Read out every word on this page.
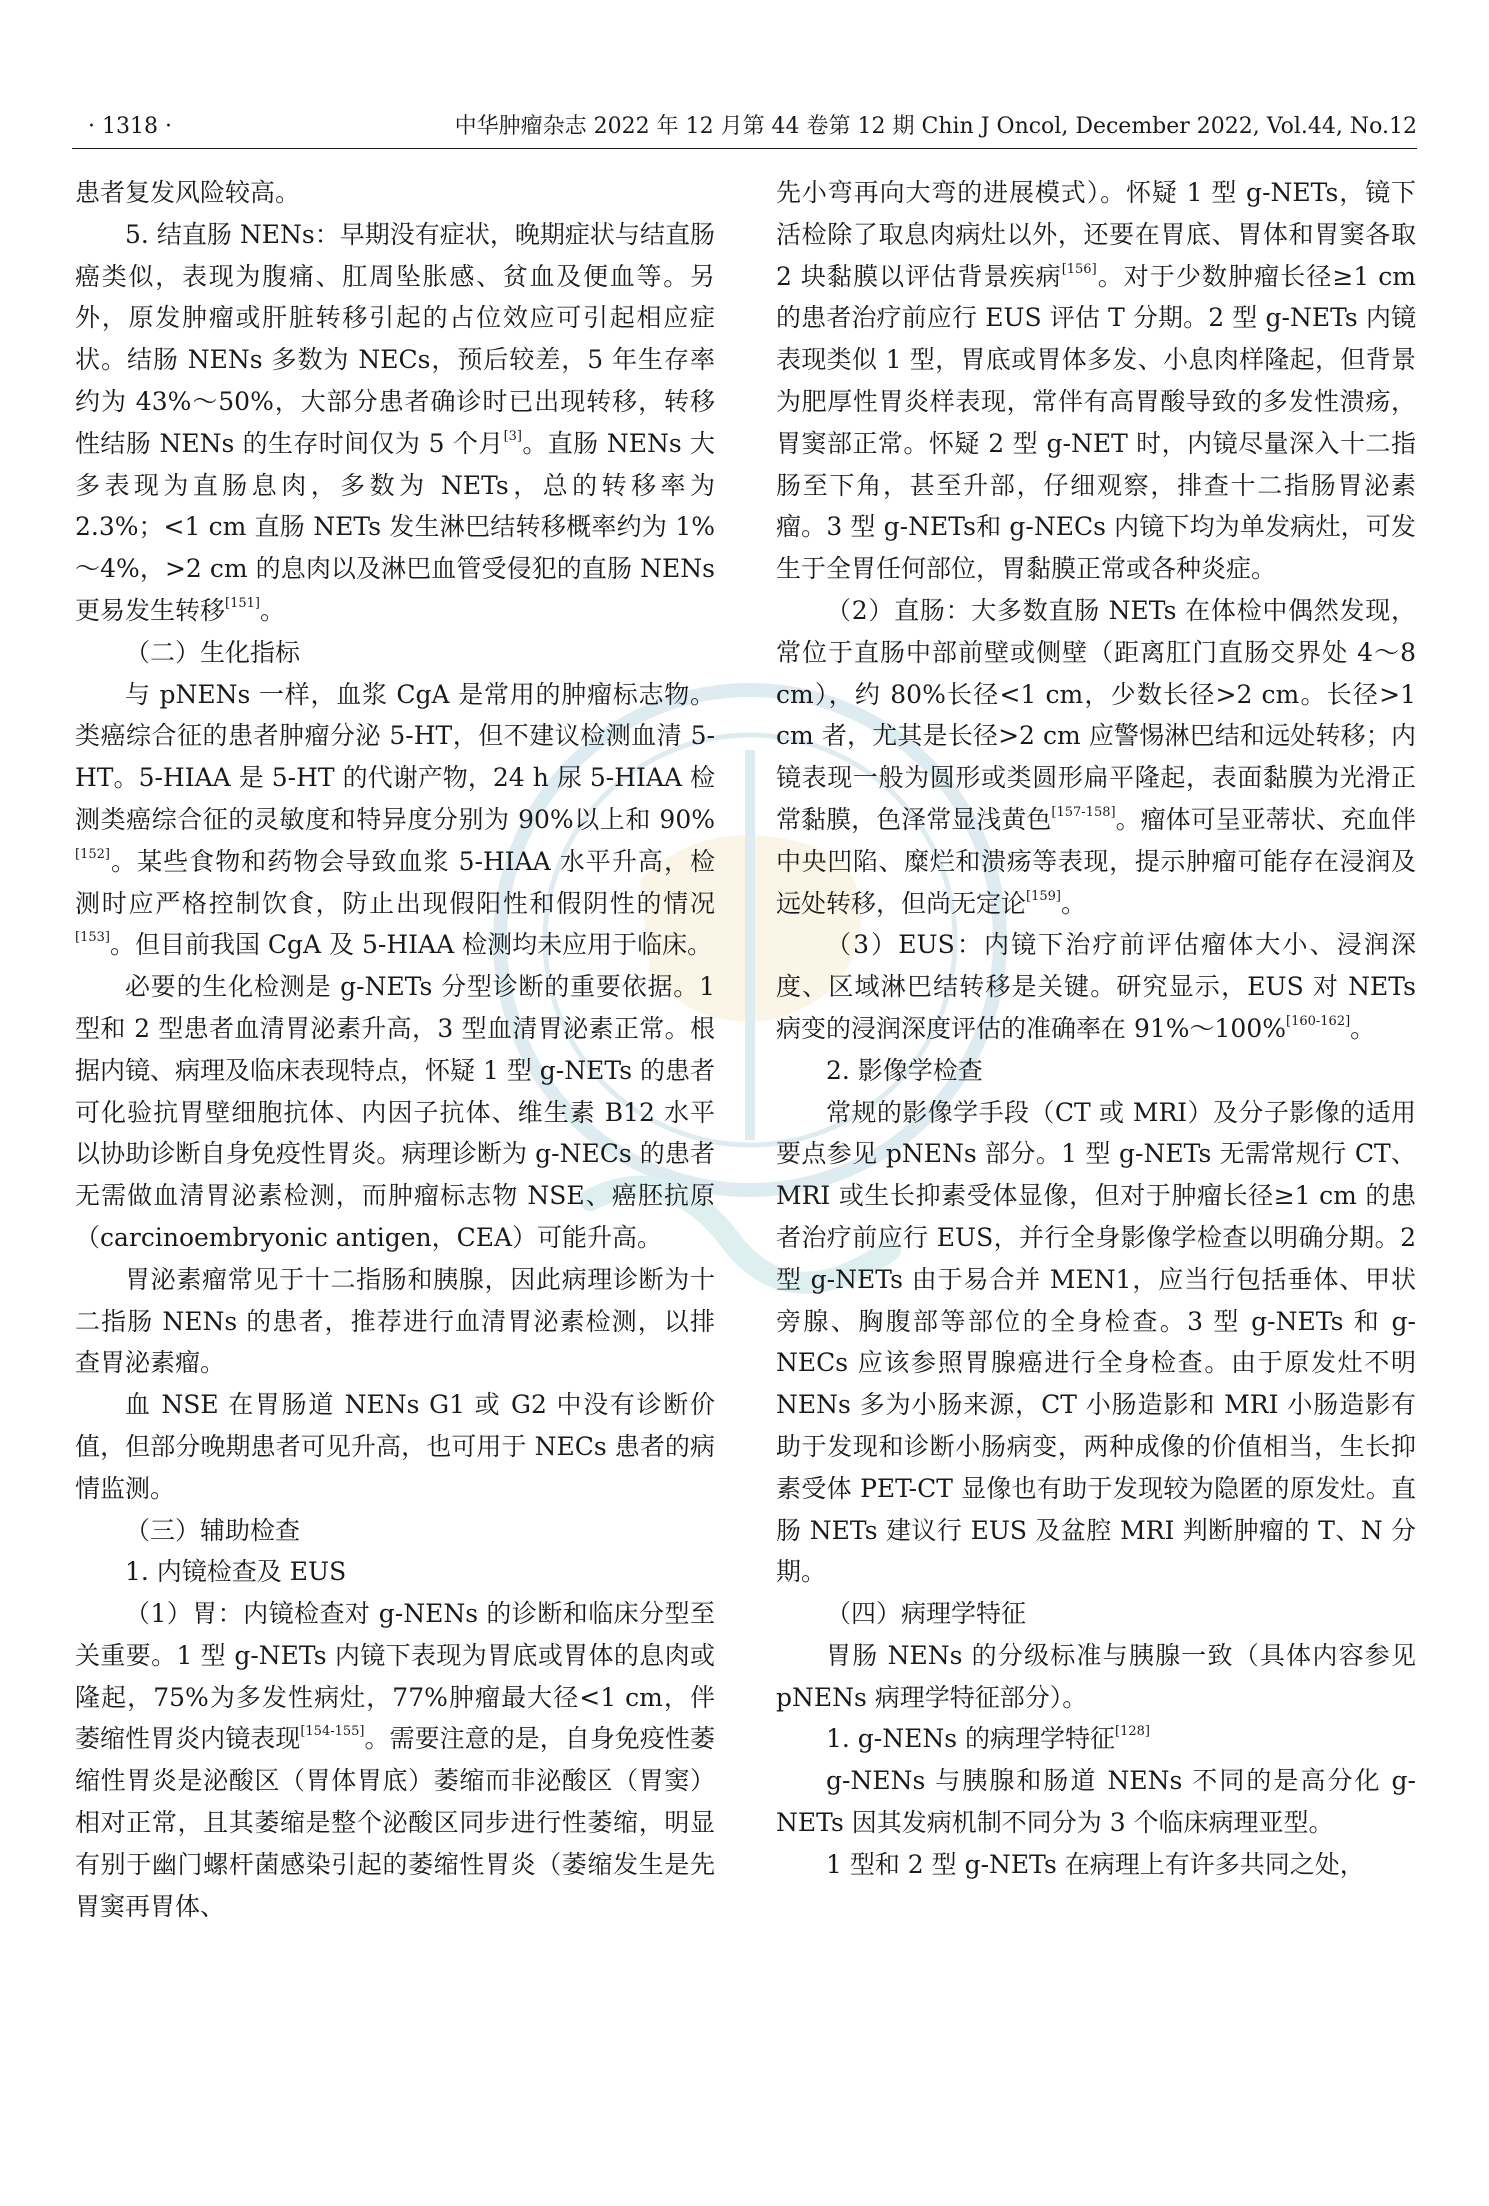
· 1318 ·	中华肿瘤杂志 2022 年 12 月第 44 卷第 12 期 Chin J Oncol, December 2022, Vol.44, No.12

患者复发风险较高。

5. 结直肠 NENs：早期没有症状，晚期症状与结直肠癌类似，表现为腹痛、肛周坠胀感、贫血及便血等。另外，原发肿瘤或肝脏转移引起的占位效应可引起相应症状。结肠 NENs 多数为 NECs，预后较差，5 年生存率约为 43%～50%，大部分患者确诊时已出现转移，转移性结肠 NENs 的生存时间仅为 5 个月[3]。直肠 NENs 大多表现为直肠息肉，多数为 NETs，总的转移率为 2.3%；<1 cm 直肠 NETs 发生淋巴结转移概率约为 1%～4%，>2 cm 的息肉以及淋巴血管受侵犯的直肠 NENs 更易发生转移[151]。

（二）生化指标

与 pNENs 一样，血浆 CgA 是常用的肿瘤标志物。类癌综合征的患者肿瘤分泌 5-HT，但不建议检测血清 5-HT。5-HIAA 是 5-HT 的代谢产物，24 h 尿 5-HIAA 检测类癌综合征的灵敏度和特异度分别为 90%以上和 90%[152]。某些食物和药物会导致血浆 5-HIAA 水平升高，检测时应严格控制饮食，防止出现假阳性和假阴性的情况[153]。但目前我国 CgA 及 5-HIAA 检测均未应用于临床。

必要的生化检测是 g-NETs 分型诊断的重要依据。1 型和 2 型患者血清胃泌素升高，3 型血清胃泌素正常。根据内镜、病理及临床表现特点，怀疑 1 型 g-NETs 的患者可化验抗胃壁细胞抗体、内因子抗体、维生素 B12 水平以协助诊断自身免疫性胃炎。病理诊断为 g-NECs 的患者无需做血清胃泌素检测，而肿瘤标志物 NSE、癌胚抗原（carcinoembryonic antigen，CEA）可能升高。

胃泌素瘤常见于十二指肠和胰腺，因此病理诊断为十二指肠 NENs 的患者，推荐进行血清胃泌素检测，以排查胃泌素瘤。

血 NSE 在胃肠道 NENs G1 或 G2 中没有诊断价值，但部分晚期患者可见升高，也可用于 NECs 患者的病情监测。

（三）辅助检查

1. 内镜检查及 EUS

（1）胃：内镜检查对 g-NENs 的诊断和临床分型至关重要。1 型 g-NETs 内镜下表现为胃底或胃体的息肉或隆起，75%为多发性病灶，77%肿瘤最大径<1 cm，伴萎缩性胃炎内镜表现[154-155]。需要注意的是，自身免疫性萎缩性胃炎是泌酸区（胃体胃底）萎缩而非泌酸区（胃窦）相对正常，且其萎缩是整个泌酸区同步进行性萎缩，明显有别于幽门螺杆菌感染引起的萎缩性胃炎（萎缩发生是先胃窦再胃体、

先小弯再向大弯的进展模式）。怀疑 1 型 g-NETs，镜下活检除了取息肉病灶以外，还要在胃底、胃体和胃窦各取 2 块黏膜以评估背景疾病[156]。对于少数肿瘤长径≥1 cm 的患者治疗前应行 EUS 评估 T 分期。2 型 g-NETs 内镜表现类似 1 型，胃底或胃体多发、小息肉样隆起，但背景为肥厚性胃炎样表现，常伴有高胃酸导致的多发性溃疡，胃窦部正常。怀疑 2 型 g-NET 时，内镜尽量深入十二指肠至下角，甚至升部，仔细观察，排查十二指肠胃泌素瘤。3 型 g-NETs和 g-NECs 内镜下均为单发病灶，可发生于全胃任何部位，胃黏膜正常或各种炎症。

（2）直肠：大多数直肠 NETs 在体检中偶然发现，常位于直肠中部前壁或侧壁（距离肛门直肠交界处 4～8 cm），约 80%长径<1 cm，少数长径>2 cm。长径>1 cm 者，尤其是长径>2 cm 应警惕淋巴结和远处转移；内镜表现一般为圆形或类圆形扁平隆起，表面黏膜为光滑正常黏膜，色泽常显浅黄色[157-158]。瘤体可呈亚蒂状、充血伴中央凹陷、糜烂和溃疡等表现，提示肿瘤可能存在浸润及远处转移，但尚无定论[159]。

（3）EUS：内镜下治疗前评估瘤体大小、浸润深度、区域淋巴结转移是关键。研究显示，EUS 对 NETs 病变的浸润深度评估的准确率在 91%～100%[160-162]。

2. 影像学检查

常规的影像学手段（CT 或 MRI）及分子影像的适用要点参见 pNENs 部分。1 型 g-NETs 无需常规行 CT、MRI 或生长抑素受体显像，但对于肿瘤长径≥1 cm 的患者治疗前应行 EUS，并行全身影像学检查以明确分期。2 型 g-NETs 由于易合并 MEN1，应当行包括垂体、甲状旁腺、胸腹部等部位的全身检查。3 型 g-NETs 和 g-NECs 应该参照胃腺癌进行全身检查。由于原发灶不明 NENs 多为小肠来源，CT 小肠造影和 MRI 小肠造影有助于发现和诊断小肠病变，两种成像的价值相当，生长抑素受体 PET-CT 显像也有助于发现较为隐匿的原发灶。直肠 NETs 建议行 EUS 及盆腔 MRI 判断肿瘤的 T、N 分期。

（四）病理学特征

胃肠 NENs 的分级标准与胰腺一致（具体内容参见 pNENs 病理学特征部分）。

1. g-NENs 的病理学特征[128]

g-NENs 与胰腺和肠道 NENs 不同的是高分化 g-NETs 因其发病机制不同分为 3 个临床病理亚型。

1 型和 2 型 g-NETs 在病理上有许多共同之处，
